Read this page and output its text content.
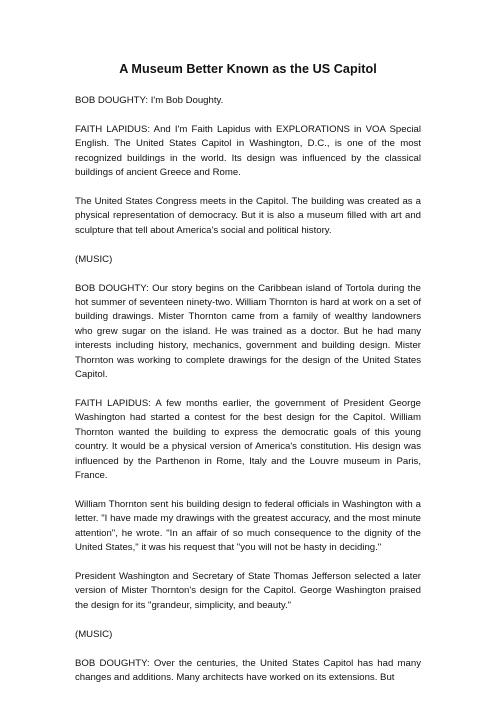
A Museum Better Known as the US Capitol

BOB DOUGHTY: I'm Bob Doughty.

FAITH LAPIDUS: And I'm Faith Lapidus with EXPLORATIONS in VOA Special English. The United States Capitol in Washington, D.C., is one of the most recognized buildings in the world. Its design was influenced by the classical buildings of ancient Greece and Rome.

The United States Congress meets in the Capitol. The building was created as a physical representation of democracy. But it is also a museum filled with art and sculpture that tell about America's social and political history.

(MUSIC)

BOB DOUGHTY: Our story begins on the Caribbean island of Tortola during the hot summer of seventeen ninety-two. William Thornton is hard at work on a set of building drawings. Mister Thornton came from a family of wealthy landowners who grew sugar on the island. He was trained as a doctor. But he had many interests including history, mechanics, government and building design. Mister Thornton was working to complete drawings for the design of the United States Capitol.

FAITH LAPIDUS: A few months earlier, the government of President George Washington had started a contest for the best design for the Capitol. William Thornton wanted the building to express the democratic goals of this young country. It would be a physical version of America's constitution. His design was influenced by the Parthenon in Rome, Italy and the Louvre museum in Paris, France.

William Thornton sent his building design to federal officials in Washington with a letter. "I have made my drawings with the greatest accuracy, and the most minute attention", he wrote. "In an affair of so much consequence to the dignity of the United States," it was his request that "you will not be hasty in deciding."

President Washington and Secretary of State Thomas Jefferson selected a later version of Mister Thornton's design for the Capitol. George Washington praised the design for its "grandeur, simplicity, and beauty."

(MUSIC)

BOB DOUGHTY: Over the centuries, the United States Capitol has had many changes and additions. Many architects have worked on its extensions. But
